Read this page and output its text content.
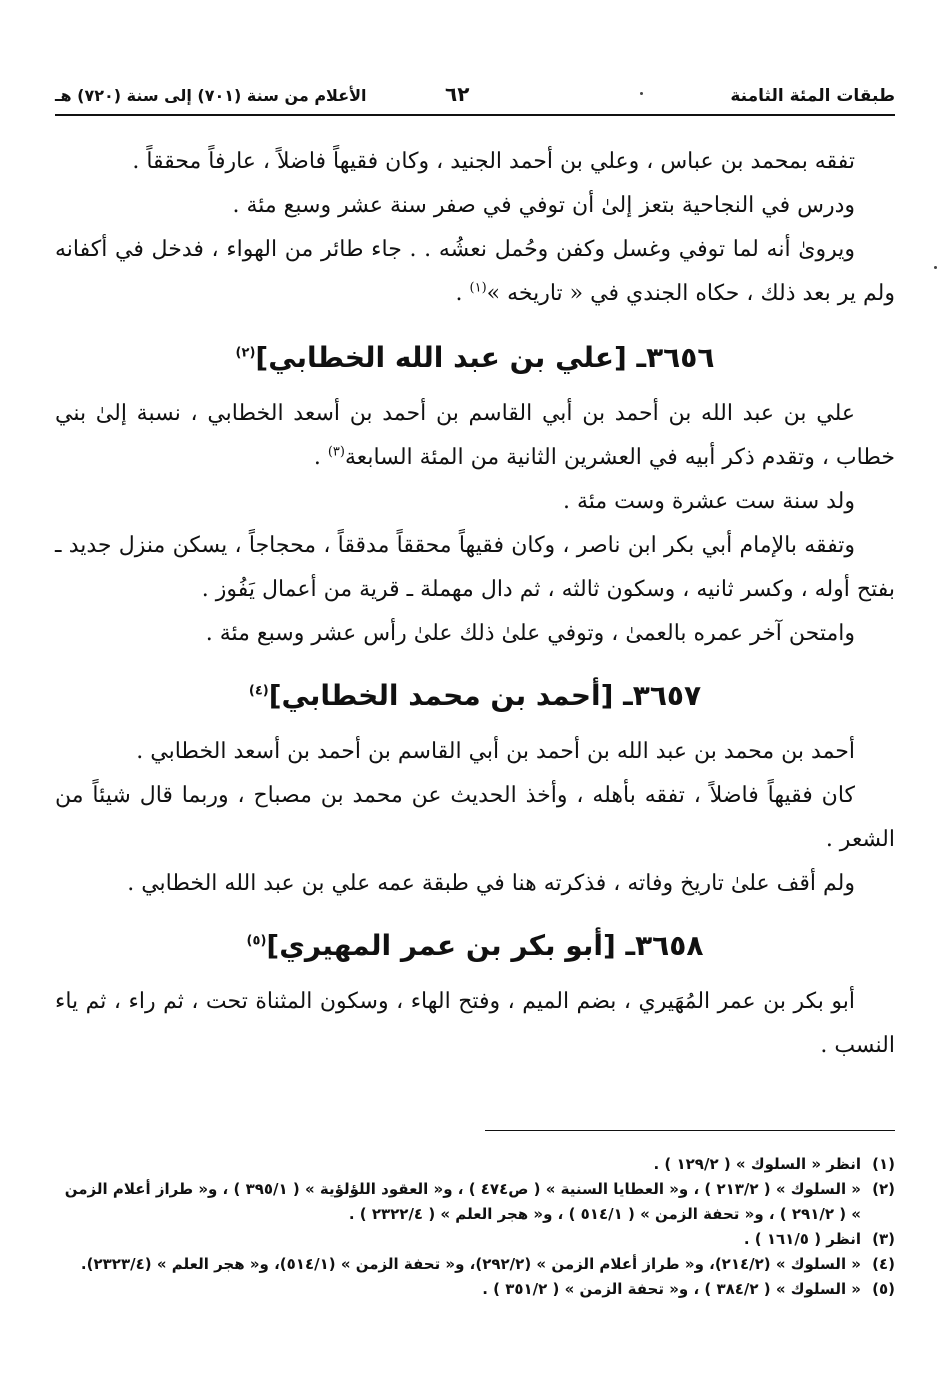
طبقات المئة الثامنة
٦٢
الأعلام من سنة (٧٠١) إلى سنة (٧٢٠) هـ

تفقه بمحمد بن عباس ، وعلي بن أحمد الجنيد ، وكان فقيهاً فاضلاً ، عارفاً محققاً .

ودرس في النجاحية بتعز إلىٰ أن توفي في صفر سنة عشر وسبع مئة .

ويروىٰ أنه لما توفي وغسل وكفن وحُمل نعشُه . . جاء طائر من الهواء ، فدخل في أكفانه ولم ير بعد ذلك ، حكاه الجندي في « تاريخه »$^{(١)}$ .

٣٦٥٦ـ [علي بن عبد الله الخطابي]$^{(٢)}$

علي بن عبد الله بن أحمد بن أبي القاسم بن أحمد بن أسعد الخطابي ، نسبة إلىٰ بني خطاب ، وتقدم ذكر أبيه في العشرين الثانية من المئة السابعة$^{(٣)}$ .

ولد سنة ست عشرة وست مئة .

وتفقه بالإمام أبي بكر ابن ناصر ، وكان فقيهاً محققاً مدققاً ، محجاجاً ، يسكن منزل جديد ـ بفتح أوله ، وكسر ثانيه ، وسكون ثالثه ، ثم دال مهملة ـ قرية من أعمال يَفُوز .

وامتحن آخر عمره بالعمىٰ ، وتوفي علىٰ ذلك علىٰ رأس عشر وسبع مئة .

٣٦٥٧ـ [أحمد بن محمد الخطابي]$^{(٤)}$

أحمد بن محمد بن عبد الله بن أحمد بن أبي القاسم بن أحمد بن أسعد الخطابي .

كان فقيهاً فاضلاً ، تفقه بأهله ، وأخذ الحديث عن محمد بن مصباح ، وربما قال شيئاً من الشعر .

ولم أقف علىٰ تاريخ وفاته ، فذكرته هنا في طبقة عمه علي بن عبد الله الخطابي .

٣٦٥٨ـ [أبو بكر بن عمر المهيري]$^{(٥)}$

أبو بكر بن عمر المُهَيري ، بضم الميم ، وفتح الهاء ، وسكون المثناة تحت ، ثم راء ، ثم ياء النسب .

(١)
انظر « السلوك » ( ١٢٩/٢ ) .
(٢)
« السلوك » ( ٢١٣/٢ ) ، و« العطايا السنية » ( ص٤٧٤ ) ، و« العقود اللؤلؤية » ( ٣٩٥/١ ) ، و« طراز أعلام الزمن » ( ٢٩١/٢ ) ، و« تحفة الزمن » ( ٥١٤/١ ) ، و« هجر العلم » ( ٢٣٢٢/٤ ) .
(٣)
انظر ( ١٦١/٥ ) .
(٤)
« السلوك » (٢١٤/٢)، و« طراز أعلام الزمن » (٢٩٢/٢)، و« تحفة الزمن » (٥١٤/١)، و« هجر العلم » (٢٣٢٣/٤).
(٥)
« السلوك » ( ٣٨٤/٢ ) ، و« تحفة الزمن » ( ٣٥١/٢ ) .
